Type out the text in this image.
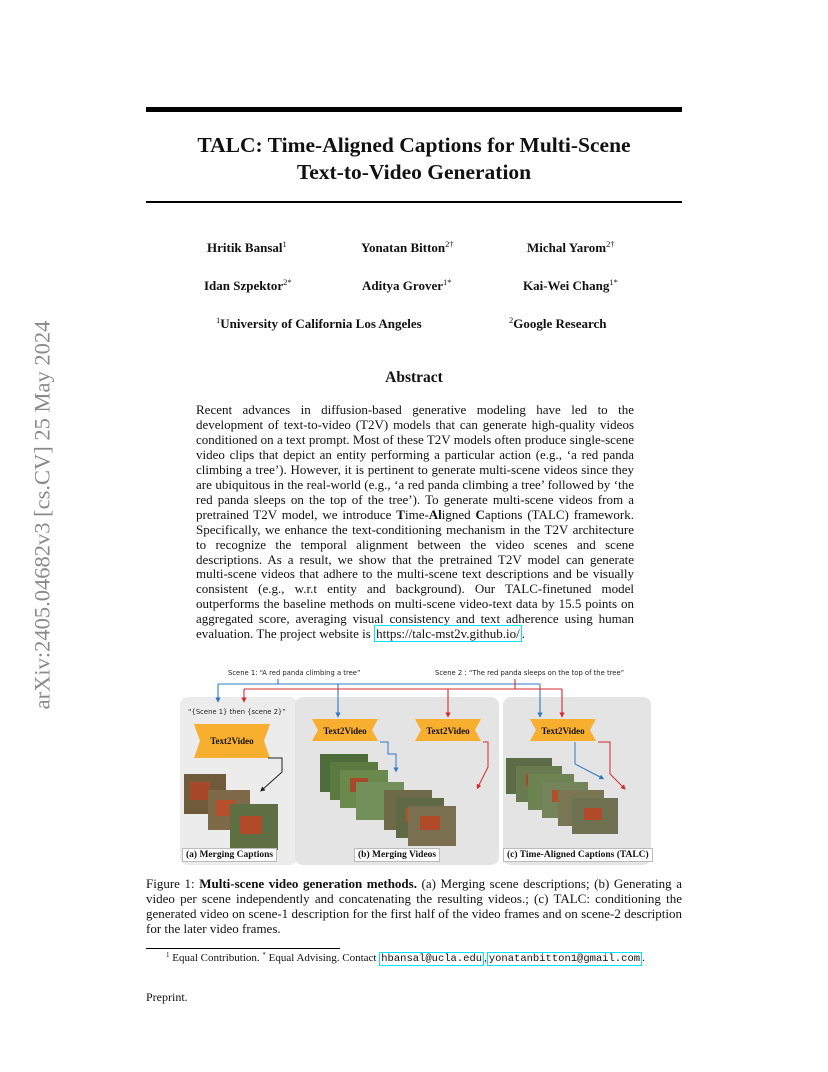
arXiv:2405.04682v3 [cs.CV] 25 May 2024
TALC: Time-Aligned Captions for Multi-Scene
Text-to-Video Generation
Hritik Bansal$^1$	Yonatan Bitton$^{2\dagger}$	Michal Yarom$^{2\dagger}$
Idan Szpektor$^{2*}$	Aditya Grover$^{1*}$	Kai-Wei Chang$^{1*}$
$^1$University of California Los Angeles	$^2$Google Research
Abstract
Recent advances in diffusion-based generative modeling have led to the development of text-to-video (T2V) models that can generate high-quality videos conditioned on a text prompt. Most of these T2V models often produce single-scene video clips that depict an entity performing a particular action (e.g., ‘a red panda climbing a tree’). However, it is pertinent to generate multi-scene videos since they are ubiquitous in the real-world (e.g., ‘a red panda climbing a tree’ followed by ‘the red panda sleeps on the top of the tree’). To generate multi-scene videos from a pretrained T2V model, we introduce Time-Aligned Captions (TALC) framework. Specifically, we enhance the text-conditioning mechanism in the T2V architecture to recognize the temporal alignment between the video scenes and scene descriptions. As a result, we show that the pretrained T2V model can generate multi-scene videos that adhere to the multi-scene text descriptions and be visually consistent (e.g., w.r.t entity and background). Our TALC-finetuned model outperforms the baseline methods on multi-scene video-text data by 15.5 points on aggregated score, averaging visual consistency and text adherence using human evaluation. The project website is https://talc-mst2v.github.io/ .
Scene 1: “A red panda climbing a tree”	Scene 2 : “The red panda sleeps on the top of the tree”
“{Scene 1} then {scene 2}”
Text2Video
Text2Video	Text2Video	Text2Video
(a) Merging Captions	(b) Merging Videos	(c) Time-Aligned Captions (TALC)
Figure 1: Multi-scene video generation methods. (a) Merging scene descriptions; (b) Generating a video per scene independently and concatenating the resulting videos.; (c) TALC: conditioning the generated video on scene-1 description for the first half of the video frames and on scene-2 description for the later video frames.
$^1$ Equal Contribution. * Equal Advising. Contact hbansal@ucla.edu , yonatanbitton1@gmail.com .
Preprint.
